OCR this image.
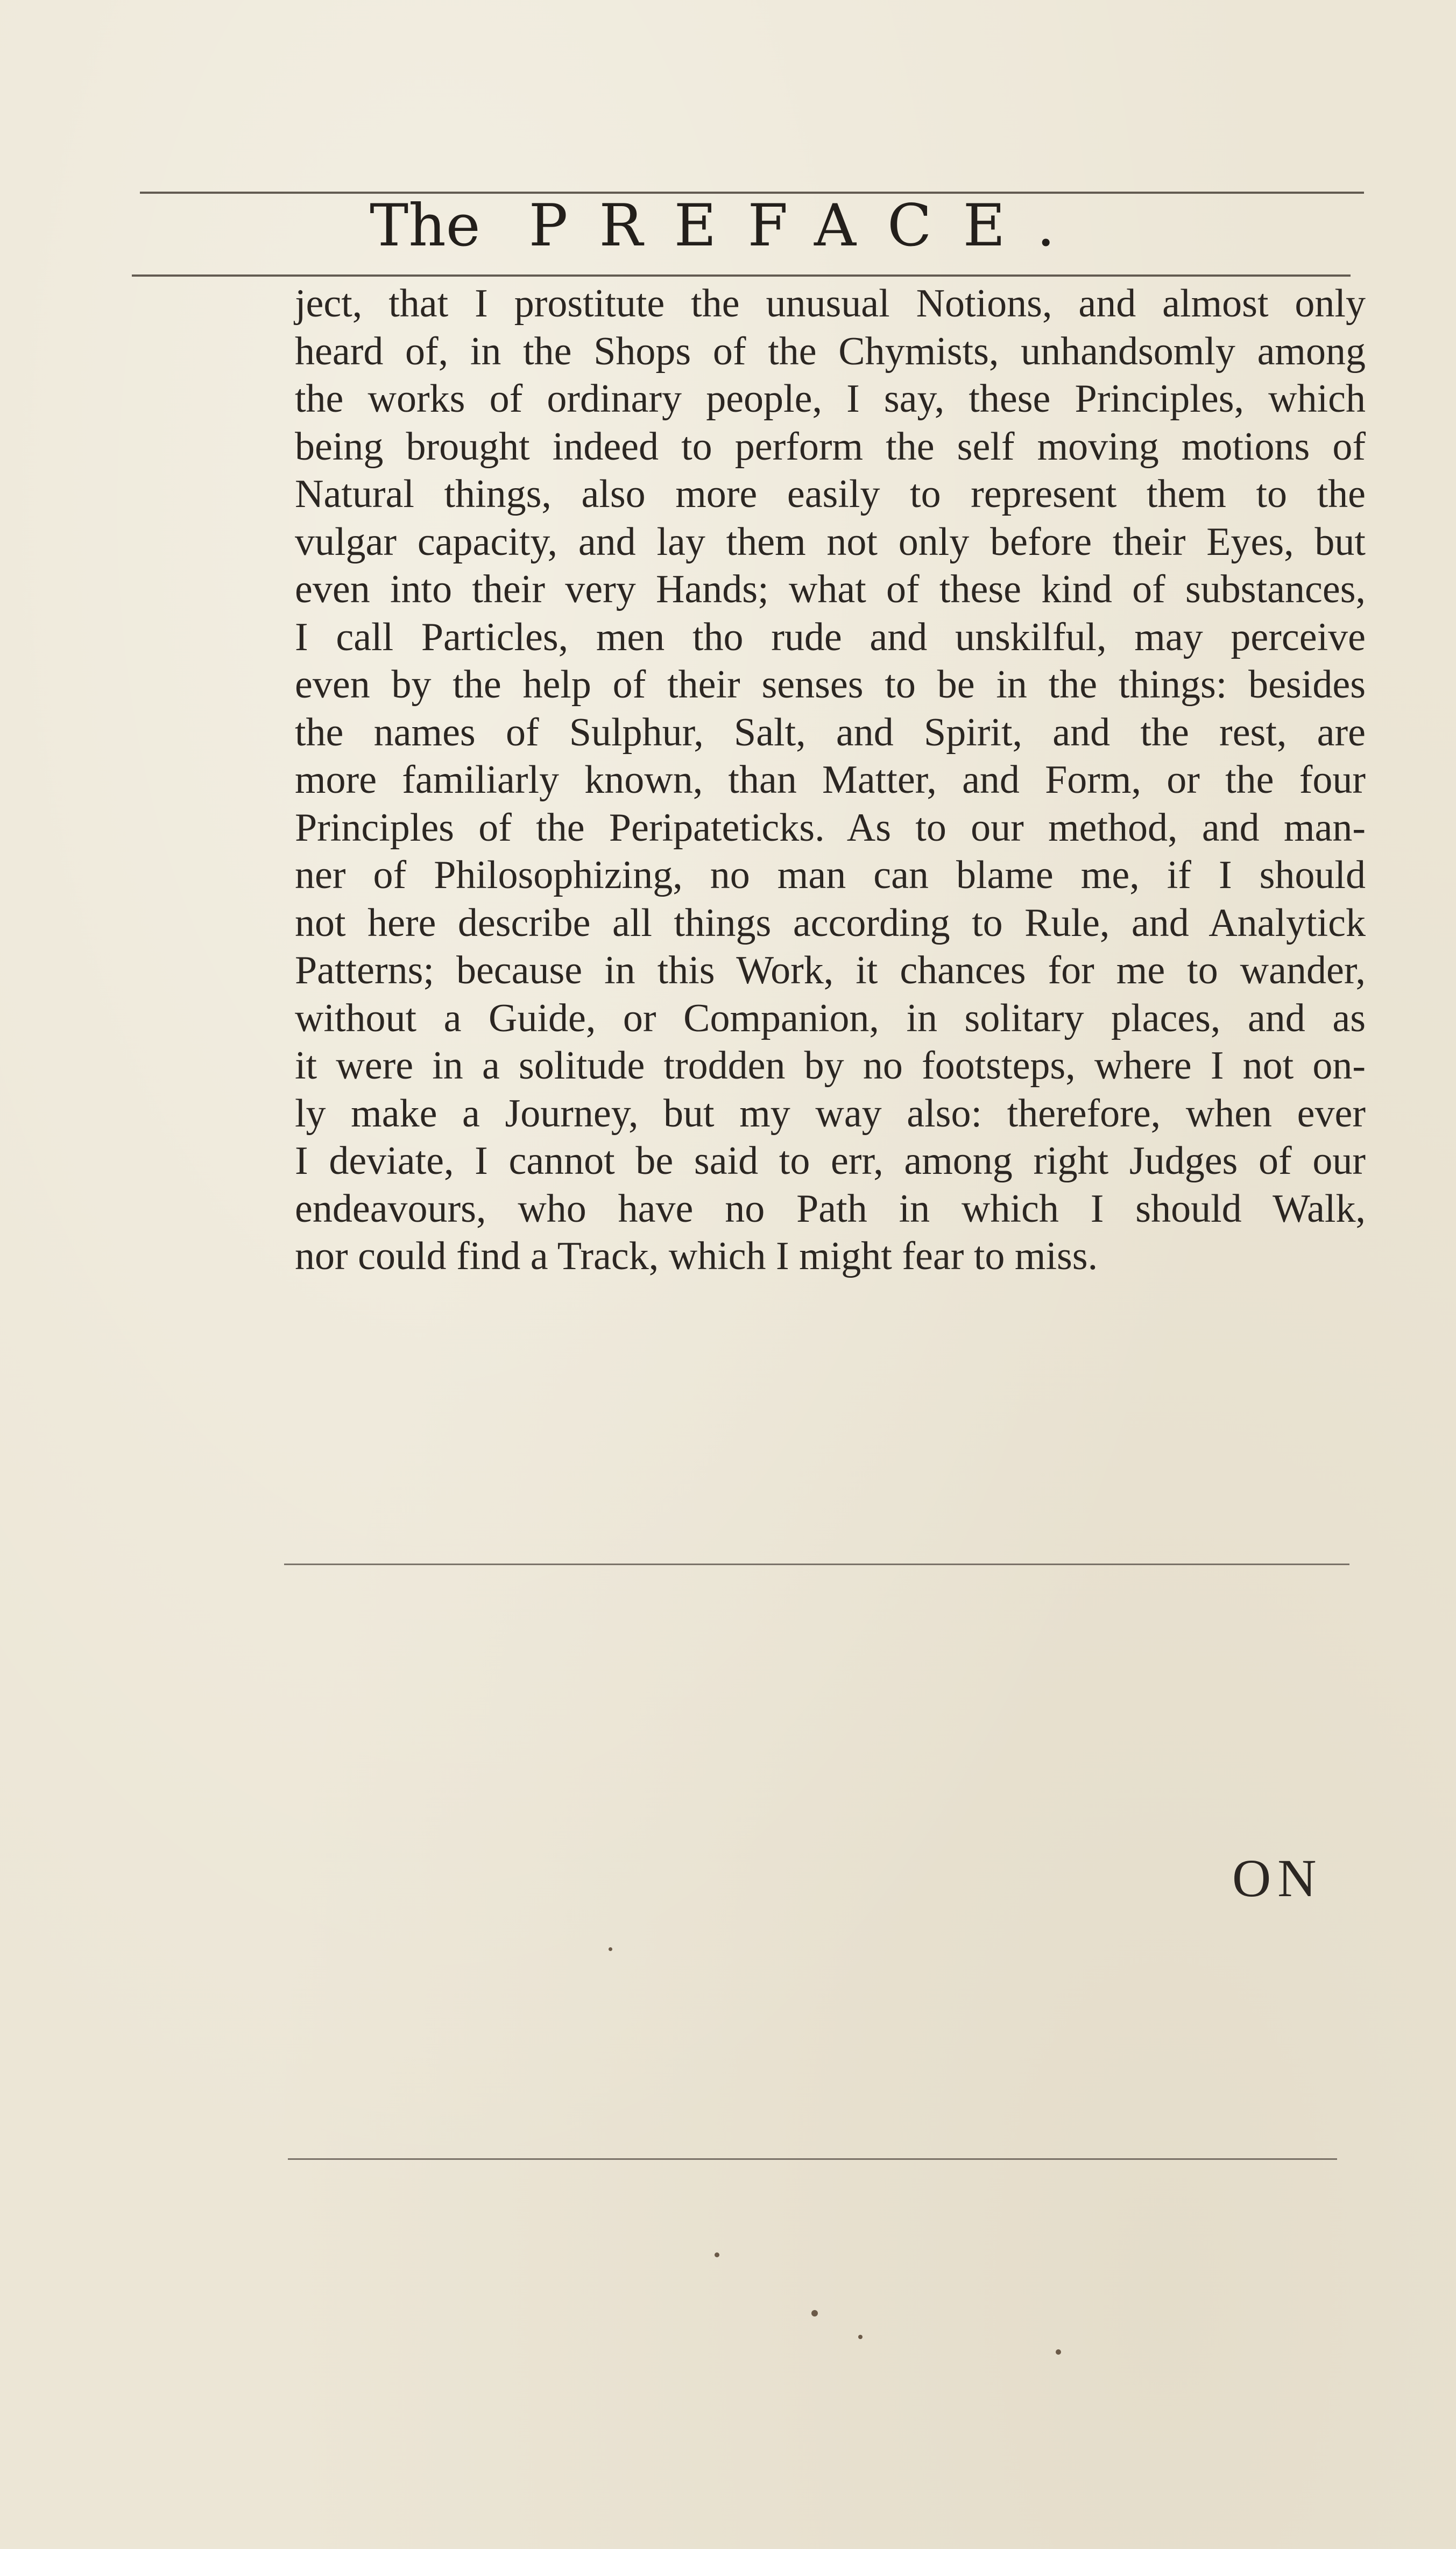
The PREFACE.
ject, that I prostitute the unusual Notions, and almost only
heard of, in the Shops of the Chymists, unhandsomly among
the works of ordinary people, I say, these Principles, which
being brought indeed to perform the self moving motions of
Natural things, also more easily to represent them to the
vulgar capacity, and lay them not only before their Eyes, but
even into their very Hands; what of these kind of substances,
I call Particles, men tho rude and unskilful, may perceive
even by the help of their senses to be in the things: besides
the names of Sulphur, Salt, and Spirit, and the rest, are
more familiarly known, than Matter, and Form, or the four
Principles of the Peripateticks. As to our method, and man-
ner of Philosophizing, no man can blame me, if I should
not here describe all things according to Rule, and Analytick
Patterns; because in this Work, it chances for me to wander,
without a Guide, or Companion, in solitary places, and as
it were in a solitude trodden by no footsteps, where I not on-
ly make a Journey, but my way also: therefore, when ever
I deviate, I cannot be said to err, among right Judges of our
endeavours, who have no Path in which I should Walk,
nor could find a Track, which I might fear to miss.
ON
